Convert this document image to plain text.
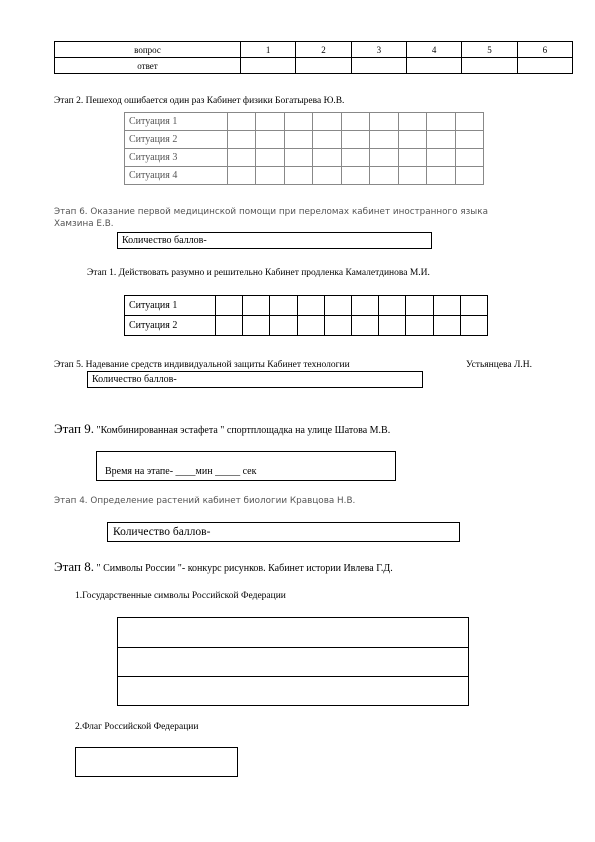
вопрос	1	2	3	4	5	6
ответ						
Этап 2. Пешеход ошибается один раз Кабинет физики Богатырева Ю.В.
Ситуация 1									
Ситуация 2									
Ситуация 3									
Ситуация 4									
Этап 6. Оказание первой медицинской помощи при переломах кабинет иностранного языка
Хамзина Е.В.
Количество баллов-
Этап 1. Действовать разумно и решительно Кабинет продленка Камалетдинова М.И.
Ситуация 1										
Ситуация 2										
Этап 5. Надевание средств индивидуальной защиты Кабинет технологии	Устьянцева Л.Н.
Количество баллов-
Этап 9. "Комбинированная эстафета " спортплощадка на улице Шатова М.В.
Время на этапе- ____мин _____ сек
Этап 4. Определение растений кабинет биологии Кравцова Н.В.
Количество баллов-
Этап 8. " Символы России "- конкурс рисунков. Кабинет истории Ивлева Г.Д.
1.Государственные символы Российской Федерации
2.Флаг Российской Федерации
